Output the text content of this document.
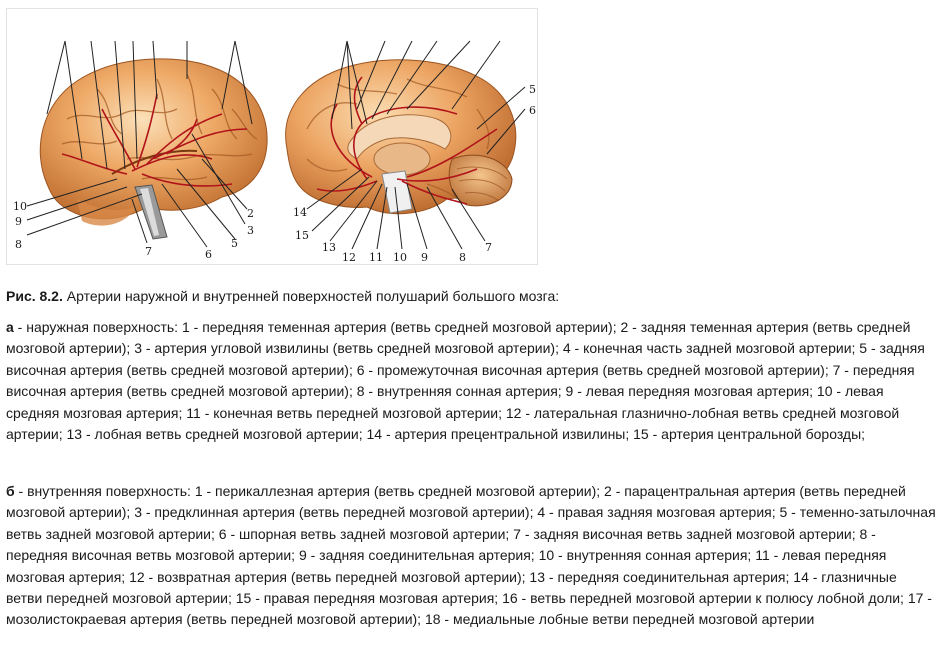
10
9
8
7	6
5
3
2
5
6
14
15
13
12 11 10 9	8
7
Рис. 8.2. Артерии наружной и внутренней поверхностей полушарий большого мозга:
а - наружная поверхность: 1 - передняя теменная артерия (ветвь средней мозговой артерии); 2 - задняя теменная артерия (ветвь средней мозговой артерии); 3 - артерия угловой извилины (ветвь средней мозговой артерии); 4 - конечная часть задней мозговой артерии; 5 - задняя височная артерия (ветвь средней мозговой артерии); 6 - промежуточная височная артерия (ветвь средней мозговой артерии); 7 - передняя височная артерия (ветвь средней мозговой артерии); 8 - внутренняя сонная артерия; 9 - левая передняя мозговая артерия; 10 - левая средняя мозговая артерия; 11 - конечная ветвь передней мозговой артерии; 12 - латеральная глазнично-лобная ветвь средней мозговой артерии; 13 - лобная ветвь средней мозговой артерии; 14 - артерия прецентральной извилины; 15 - артерия центральной борозды;
б - внутренняя поверхность: 1 - перикаллезная артерия (ветвь средней мозговой артерии); 2 - парацентральная артерия (ветвь передней мозговой артерии); 3 - предклинная артерия (ветвь передней мозговой артерии); 4 - правая задняя мозговая артерия; 5 - теменно-затылочная ветвь задней мозговой артерии; 6 - шпорная ветвь задней мозговой артерии; 7 - задняя височная ветвь задней мозговой артерии; 8 - передняя височная ветвь мозговой артерии; 9 - задняя соединительная артерия; 10 - внутренняя сонная артерия; 11 - левая передняя мозговая артерия; 12 - возвратная артерия (ветвь передней мозговой артерии); 13 - передняя соединительная артерия; 14 - глазничные ветви передней мозговой артерии; 15 - правая передняя мозговая артерия; 16 - ветвь передней мозговой артерии к полюсу лобной доли; 17 - мозолистокраевая артерия (ветвь передней мозговой артерии); 18 - медиальные лобные ветви передней мозговой артерии
